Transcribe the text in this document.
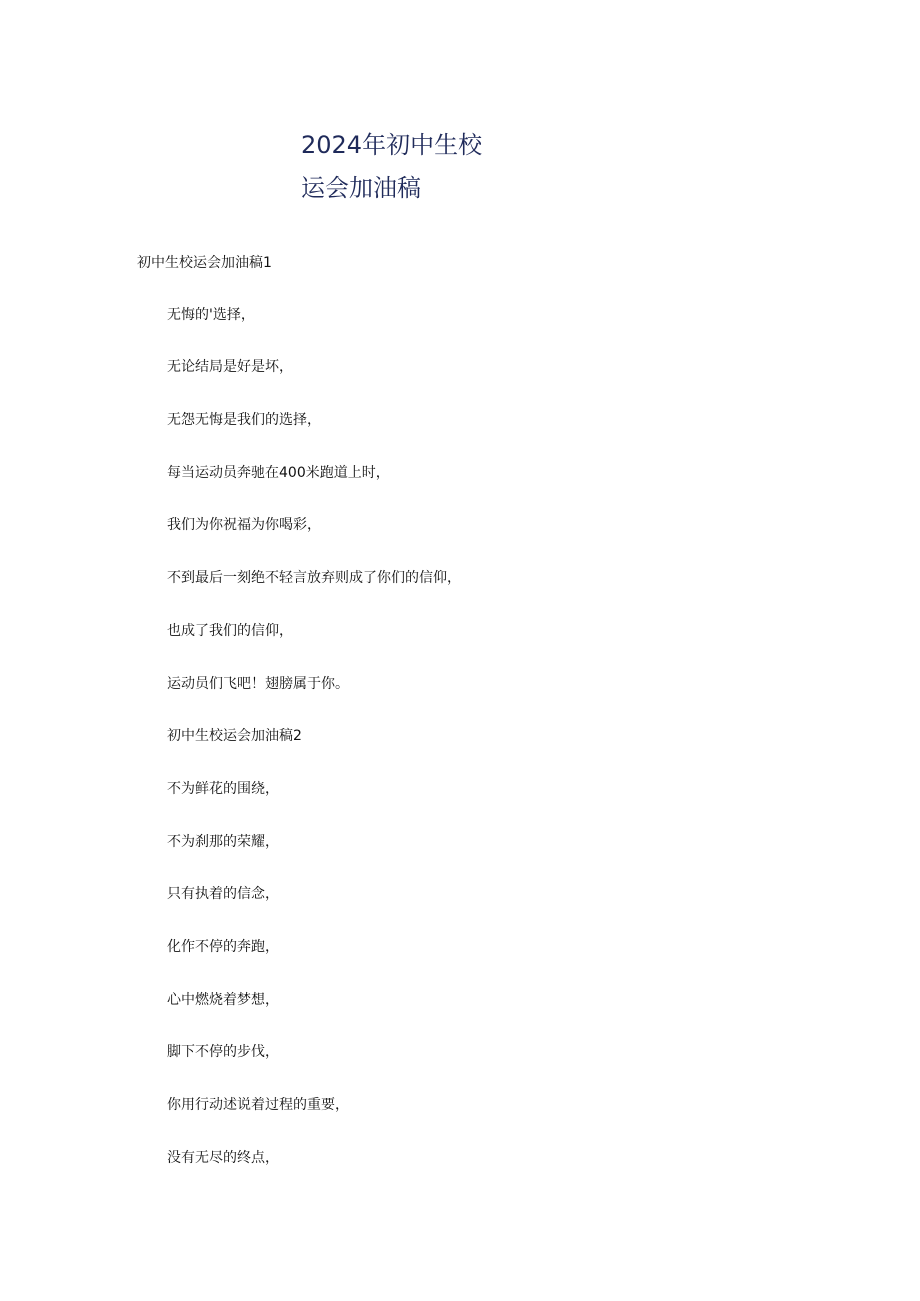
2024年初中生校
运会加油稿
初中生校运会加油稿1
无悔的'选择，
无论结局是好是坏，
无怨无悔是我们的选择，
每当运动员奔驰在400米跑道上时，
我们为你祝福为你喝彩，
不到最后一刻绝不轻言放弃则成了你们的信仰，
也成了我们的信仰，
运动员们飞吧！翅膀属于你。
初中生校运会加油稿2
不为鲜花的围绕，
不为刹那的荣耀，
只有执着的信念，
化作不停的奔跑，
心中燃烧着梦想，
脚下不停的步伐，
你用行动述说着过程的重要，
没有无尽的终点，
